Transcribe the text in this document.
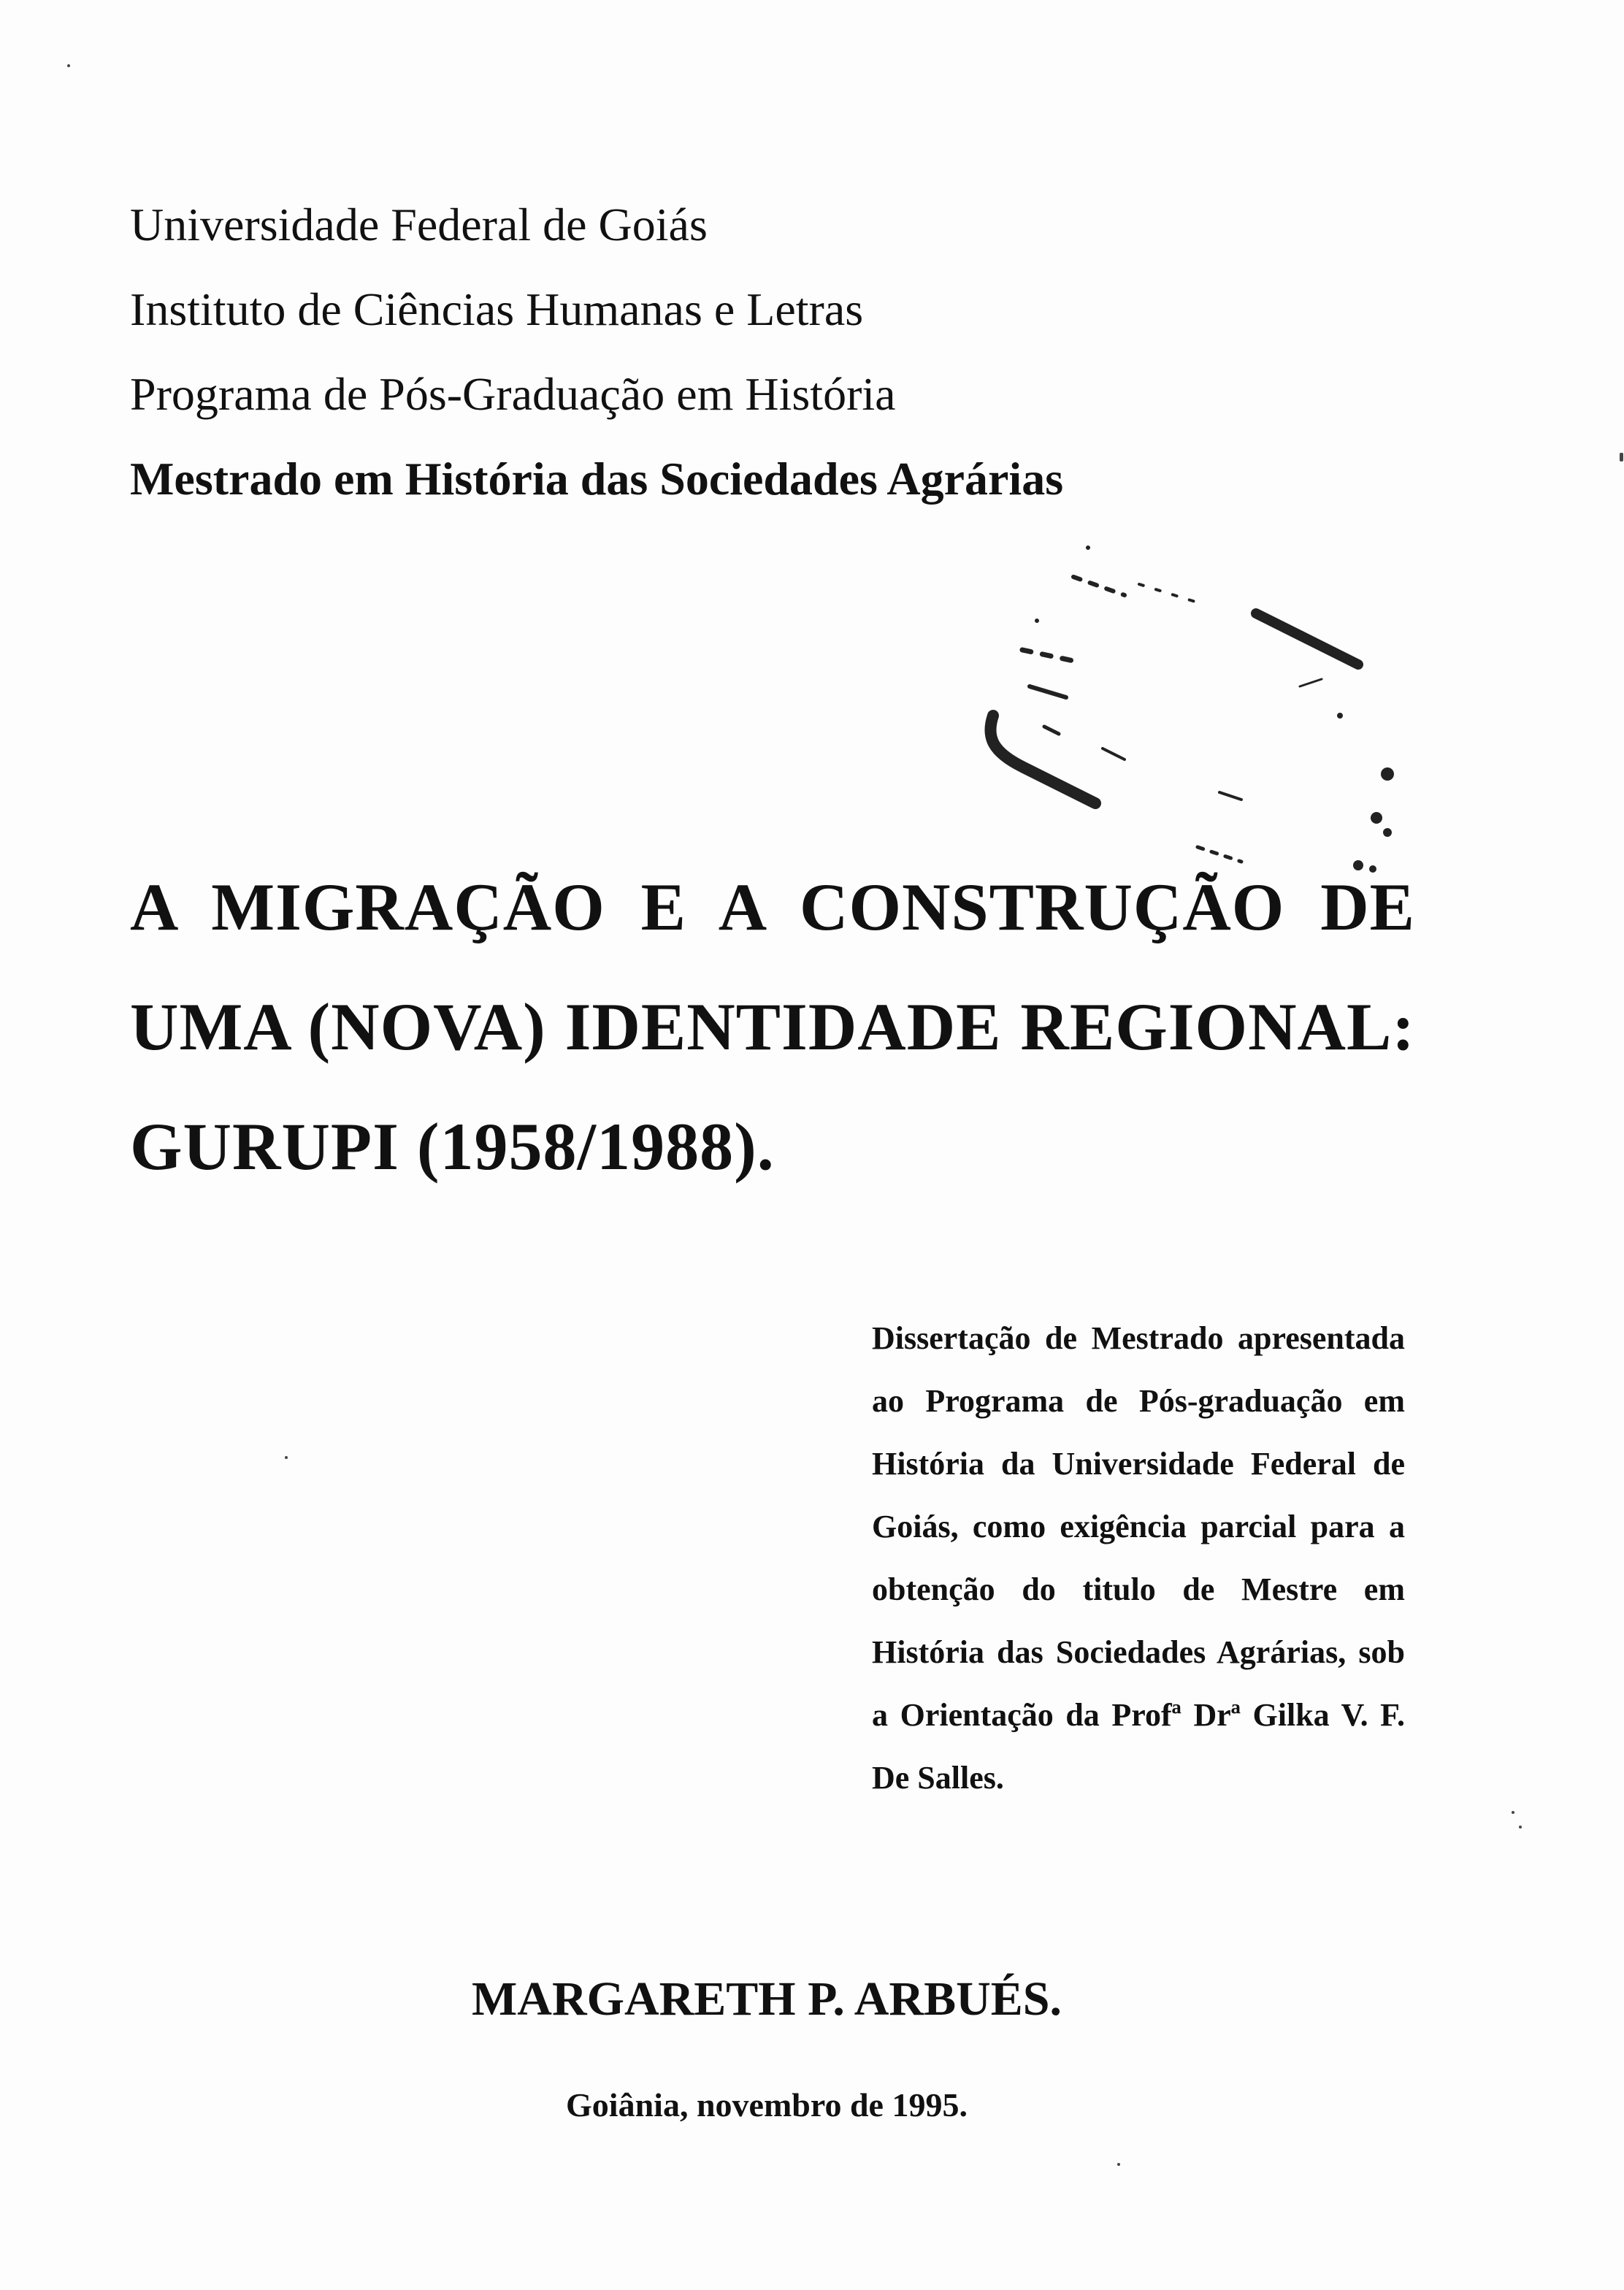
Universidade Federal de Goiás
Instituto de Ciências Humanas e Letras
Programa de Pós-Graduação em História
Mestrado em História das Sociedades Agrárias
A MIGRAÇÃO E A CONSTRUÇÃO DE
UMA (NOVA) IDENTIDADE REGIONAL:
GURUPI (1958/1988).
Dissertação de Mestrado apresentada ao Programa de Pós-graduação em História da Universidade Federal de Goiás, como exigência parcial para a obtenção do titulo de Mestre em História das Sociedades Agrárias, sob a Orientação da Profª Drª Gilka V. F. De Salles.
MARGARETH P. ARBUÉS.
Goiânia, novembro de 1995.
